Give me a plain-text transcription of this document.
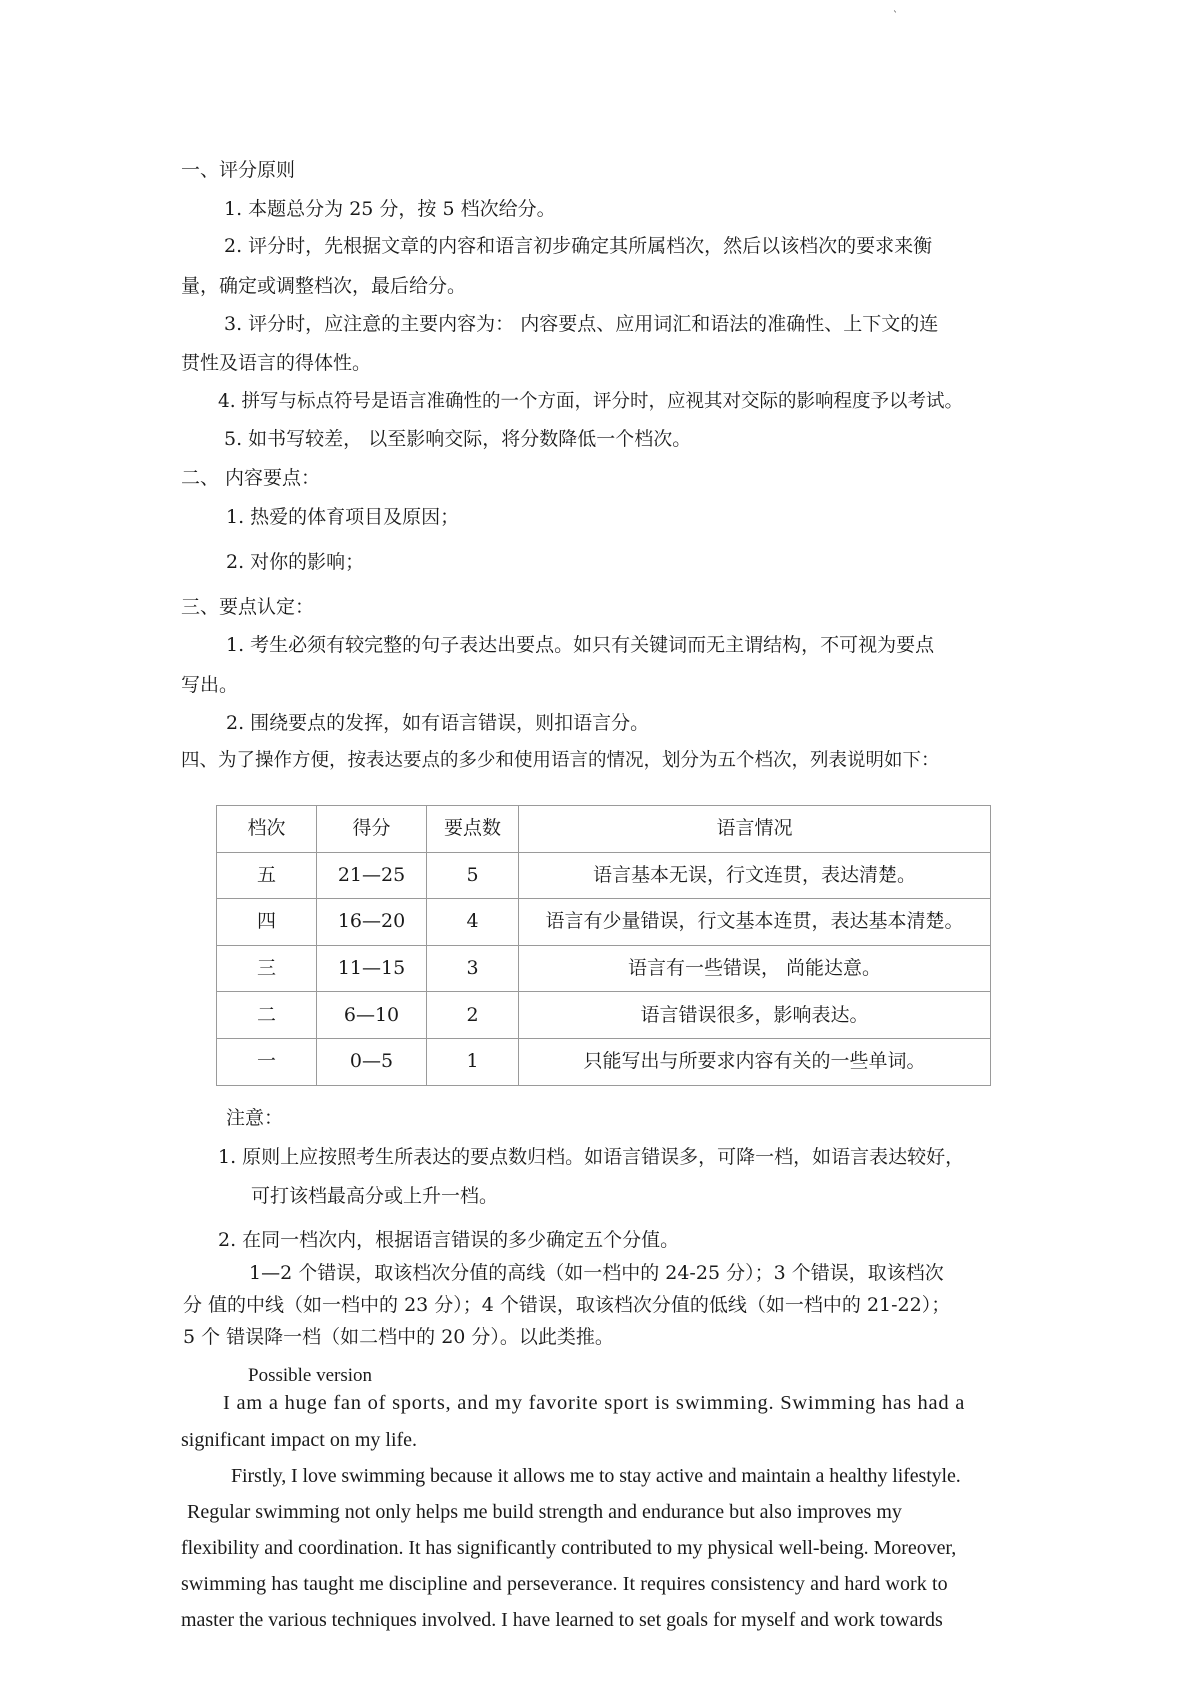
`
一、评分原则
1. 本题总分为 25 分，按 5 档次给分。
2. 评分时，先根据文章的内容和语言初步确定其所属档次，然后以该档次的要求来衡
量，确定或调整档次，最后给分。
3. 评分时，应注意的主要内容为： 内容要点、应用词汇和语法的准确性、上下文的连
贯性及语言的得体性。
4. 拼写与标点符号是语言准确性的一个方面，评分时，应视其对交际的影响程度予以考试。
5. 如书写较差， 以至影响交际，将分数降低一个档次。
二、 内容要点：
1. 热爱的体育项目及原因；
2. 对你的影响；
三、要点认定：
1. 考生必须有较完整的句子表达出要点。如只有关键词而无主谓结构，不可视为要点
写出。
2. 围绕要点的发挥，如有语言错误，则扣语言分。
四、为了操作方便，按表达要点的多少和使用语言的情况，划分为五个档次，列表说明如下：
档次	得分	要点数	语言情况
五	21—25	5	语言基本无误，行文连贯，表达清楚。
四	16—20	4	语言有少量错误，行文基本连贯，表达基本清楚。
三	11—15	3	语言有一些错误， 尚能达意。
二	6—10	2	语言错误很多，影响表达。
一	0—5	1	只能写出与所要求内容有关的一些单词。
注意：
1. 原则上应按照考生所表达的要点数归档。如语言错误多，可降一档，如语言表达较好，
可打该档最高分或上升一档。
2. 在同一档次内，根据语言错误的多少确定五个分值。
1—2 个错误，取该档次分值的高线（如一档中的 24-25 分）；3 个错误，取该档次
分 值的中线（如一档中的 23 分）；4 个错误，取该档次分值的低线（如一档中的 21-22）；
5 个 错误降一档（如二档中的 20 分）。以此类推。
Possible version
I am a huge fan of sports, and my favorite sport is swimming. Swimming has had a
significant impact on my life.
Firstly, I love swimming because it allows me to stay active and maintain a healthy lifestyle.
Regular swimming not only helps me build strength and endurance but also improves my
flexibility and coordination. It has significantly contributed to my physical well-being. Moreover,
swimming has taught me discipline and perseverance. It requires consistency and hard work to
master the various techniques involved. I have learned to set goals for myself and work towards
